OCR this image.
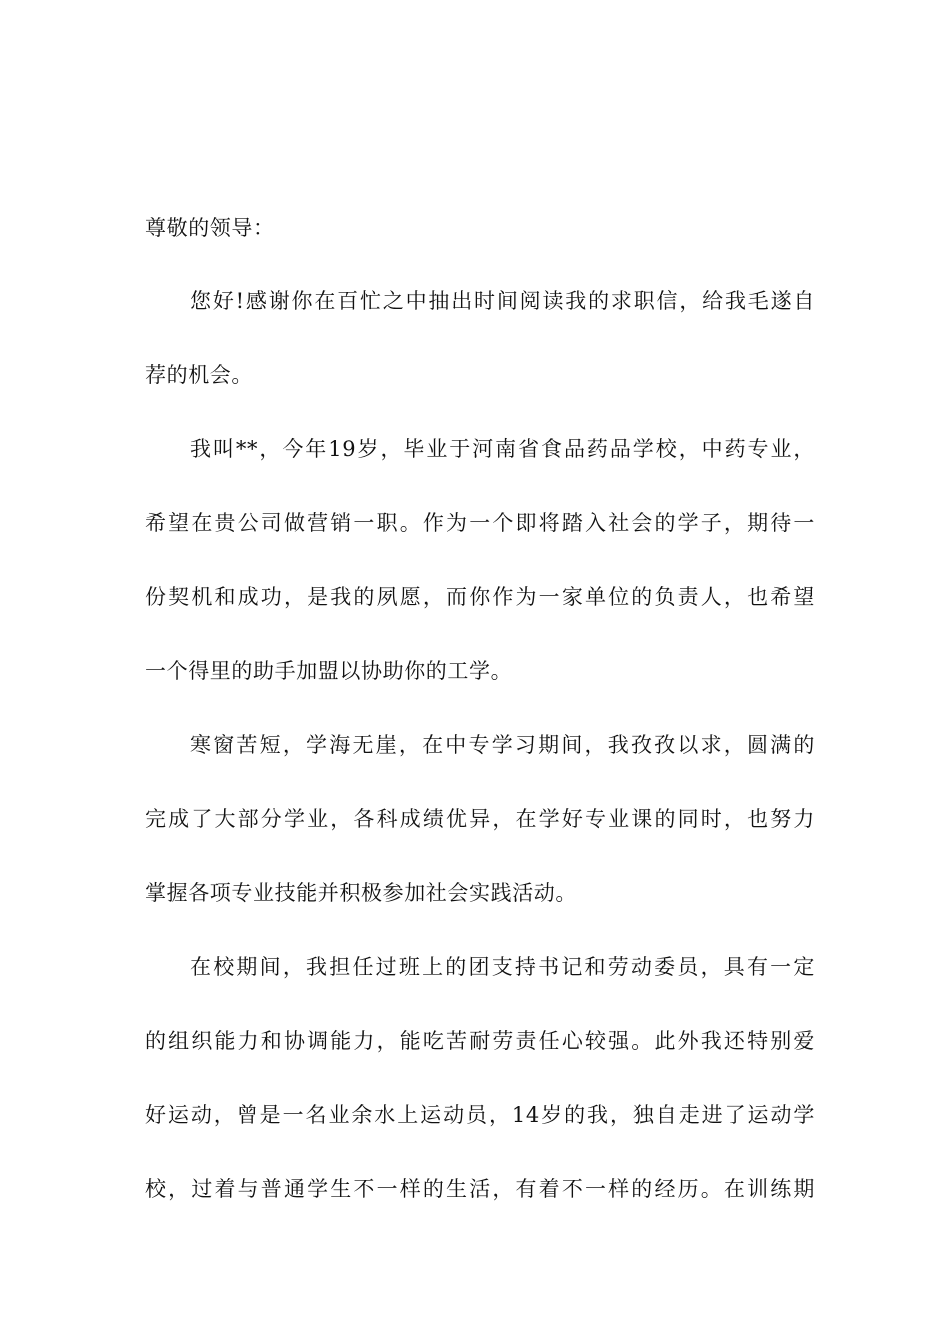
尊敬的领导：
您好!感谢你在百忙之中抽出时间阅读我的求职信，给我毛遂自
荐的机会。
我叫**，今年19岁，毕业于河南省食品药品学校，中药专业，
希望在贵公司做营销一职。作为一个即将踏入社会的学子，期待一
份契机和成功，是我的夙愿，而你作为一家单位的负责人，也希望
一个得里的助手加盟以协助你的工学。
寒窗苦短，学海无崖，在中专学习期间，我孜孜以求，圆满的
完成了大部分学业，各科成绩优异，在学好专业课的同时，也努力
掌握各项专业技能并积极参加社会实践活动。
在校期间，我担任过班上的团支持书记和劳动委员，具有一定
的组织能力和协调能力，能吃苦耐劳责任心较强。此外我还特别爱
好运动，曾是一名业余水上运动员，14岁的我，独自走进了运动学
校，过着与普通学生不一样的生活，有着不一样的经历。在训练期
